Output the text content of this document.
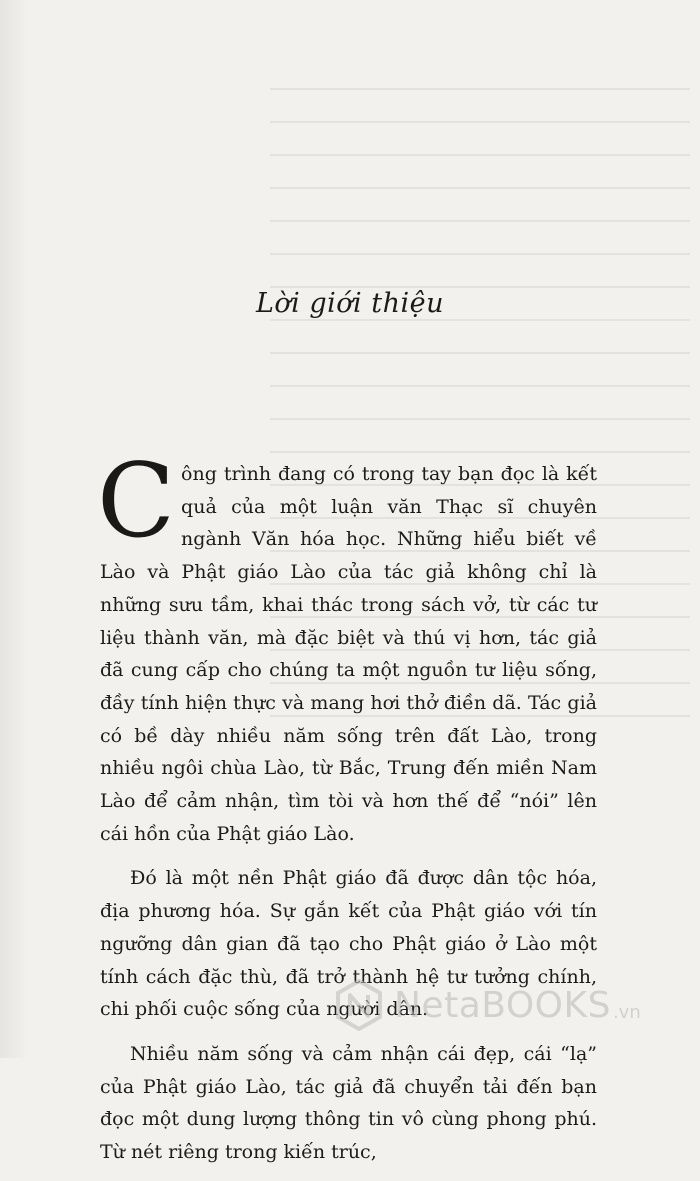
Lời giới thiệu

Công trình đang có trong tay bạn đọc là kết quả của một luận văn Thạc sĩ chuyên ngành Văn hóa học. Những hiểu biết về Lào và Phật giáo Lào của tác giả không chỉ là những sưu tầm, khai thác trong sách vở, từ các tư liệu thành văn, mà đặc biệt và thú vị hơn, tác giả đã cung cấp cho chúng ta một nguồn tư liệu sống, đầy tính hiện thực và mang hơi thở điền dã. Tác giả có bề dày nhiều năm sống trên đất Lào, trong nhiều ngôi chùa Lào, từ Bắc, Trung đến miền Nam Lào để cảm nhận, tìm tòi và hơn thế để “nói” lên cái hồn của Phật giáo Lào.

Đó là một nền Phật giáo đã được dân tộc hóa, địa phương hóa. Sự gắn kết của Phật giáo với tín ngưỡng dân gian đã tạo cho Phật giáo ở Lào một tính cách đặc thù, đã trở thành hệ tư tưởng chính, chi phối cuộc sống của người dân.

Nhiều năm sống và cảm nhận cái đẹp, cái “lạ” của Phật giáo Lào, tác giả đã chuyển tải đến bạn đọc một dung lượng thông tin vô cùng phong phú. Từ nét riêng trong kiến trúc,

NetaBOOKS .vn
